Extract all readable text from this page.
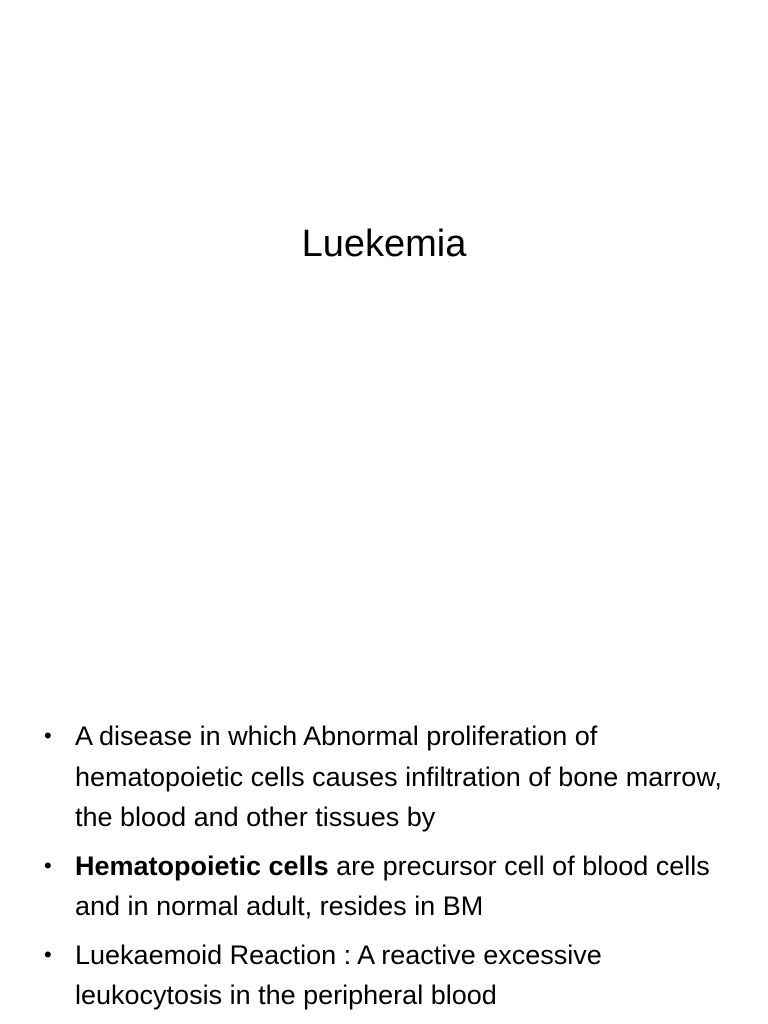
Luekemia
• A disease in which Abnormal proliferation of hematopoietic cells causes infiltration of bone marrow, the blood and other tissues by
• Hematopoietic cells are precursor cell of blood cells and in normal adult, resides in BM
• Luekaemoid Reaction : A reactive excessive leukocytosis in the peripheral blood
